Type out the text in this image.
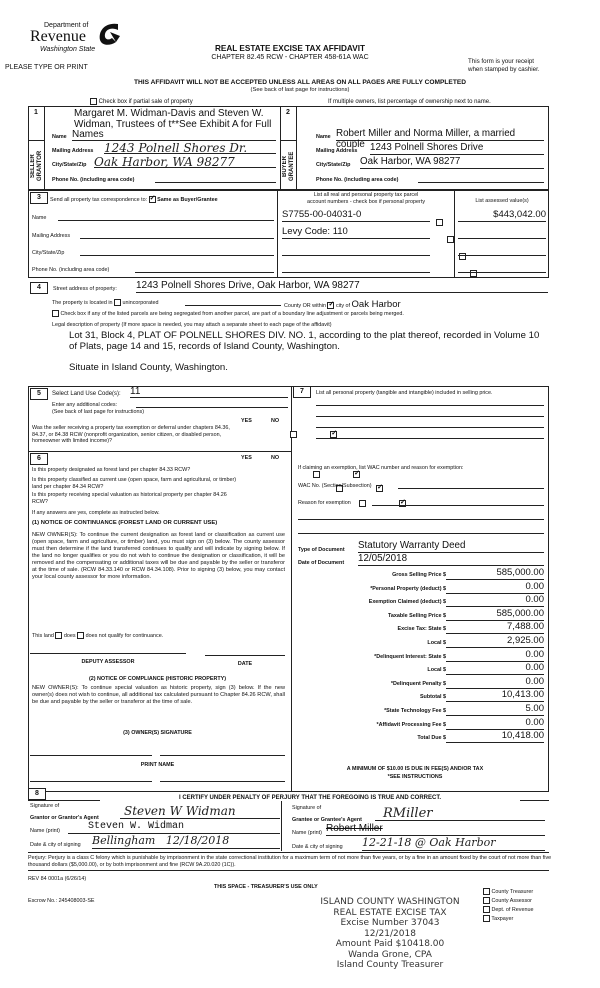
Department of
Revenue
Washington State
PLEASE TYPE OR PRINT
REAL ESTATE EXCISE TAX AFFIDAVIT
CHAPTER 82.45 RCW - CHAPTER 458-61A WAC
This form is your receipt
when stamped by cashier.
THIS AFFIDAVIT WILL NOT BE ACCEPTED UNLESS ALL AREAS ON ALL PAGES ARE FULLY COMPLETED
(See back of last page for instructions)
Check box if partial sale of property	If multiple owners, list percentage of ownership next to name.
1
SELLER
GRANTOR
Margaret M. Widman-Davis and Steven W.
Widman, Trustees of t**See Exhibit A for Full
Name Names
Mailing Address 1243 Polnell Shores Dr.
City/State/Zip Oak Harbor, WA 98277
Phone No. (including area code)
2
BUYER
GRANTEE
Name Robert Miller and Norma Miller, a married couple
Mailing Address 1243 Polnell Shores Drive
City/State/Zip Oak Harbor, WA 98277
Phone No. (including area code)
3	Send all property tax correspondence to: ✓ Same as Buyer/Grantee
Name
Mailing Address
City/State/Zip
Phone No. (including area code)
List all real and personal property tax parcel
account numbers - check box if personal property	List assessed value(s)
S7755-00-04031-0
	$443,042.00
Levy Code: 110

4	Street address of property: 1243 Polnell Shores Drive, Oak Harbor, WA 98277
The property is located in unincorporated
County OR within ✓ city of Oak Harbor
Check box if any of the listed parcels are being segregated from another parcel, are part of a boundary line adjustment or parcels being merged.
Legal description of property (If more space is needed, you may attach a separate sheet to each page of the affidavit)
Lot 31, Block 4, PLAT OF POLNELL SHORES DIV. NO. 1, according to the plat thereof, recorded in Volume 10
of Plats, page 14 and 15, records of Island County, Washington.
Situate in Island County, Washington.
5	Select Land Use Code(s): 11
Enter any additional codes:
(See back of last page for instructions)
YES	NO
Was the seller receiving a property tax exemption or deferral under chapters 84.36, 84.37, or 84.38 RCW (nonprofit organization, senior citizen, or disabled person, homeowner with limited income)?
✓
6	YES	NO
Is this property designated as forest land per chapter 84.33 RCW?
✓
Is this property classified as current use (open space, farm and agricultural, or timber) land per chapter 84.34 RCW?
✓
Is this property receiving special valuation as historical property per chapter 84.26 RCW?
✓
If any answers are yes, complete as instructed below.
(1) NOTICE OF CONTINUANCE (FOREST LAND OR CURRENT USE)
NEW OWNER(S): To continue the current designation as forest land or classification as current use (open space, farm and agriculture, or timber) land, you must sign on (3) below. The county assessor must then determine if the land transferred continues to qualify and will indicate by signing below. If the land no longer qualifies or you do not wish to continue the designation or classification, it will be removed and the compensating or additional taxes will be due and payable by the seller or transferor at the time of sale. (RCW 84.33.140 or RCW 84.34.108). Prior to signing (3) below, you may contact your local county assessor for more information.
This land does does not qualify for continuance.
DEPUTY ASSESSOR	DATE
(2) NOTICE OF COMPLIANCE (HISTORIC PROPERTY)
NEW OWNER(S): To continue special valuation as historic property, sign (3) below. If the new owner(s) does not wish to continue, all additional tax calculated pursuant to Chapter 84.26 RCW, shall be due and payable by the seller or transferor at the time of sale.
(3) OWNER(S) SIGNATURE
PRINT NAME
7	List all personal property (tangible and intangible) included in selling price.
If claiming an exemption, list WAC number and reason for exemption:
WAC No. (Section/Subsection)
Reason for exemption
Type of Document Statutory Warranty Deed
Date of Document 12/05/2018
Gross Selling Price $	585,000.00
*Personal Property (deduct) $	0.00
Exemption Claimed (deduct) $	0.00
Taxable Selling Price $	585,000.00
Excise Tax: State $	7,488.00
Local $	2,925.00
*Delinquent Interest: State $	0.00
Local $	0.00
*Delinquent Penalty $	0.00
Subtotal $	10,413.00
*State Technology Fee $	5.00
*Affidavit Processing Fee $	0.00
Total Due $	10,418.00
A MINIMUM OF $10.00 IS DUE IN FEE(S) AND/OR TAX
*SEE INSTRUCTIONS
8
I CERTIFY UNDER PENALTY OF PERJURY THAT THE FOREGOING IS TRUE AND CORRECT.
Signature of
Grantor or Grantor's Agent	Steven W Widman
Name (print)	Steven W. Widman
Date & city of signing Bellingham   12/18/2018
Signature of
Grantee or Grantee's Agent	RMiller
Name (print) Robert Miller
Date & city of signing 12-21-18 @ Oak Harbor
Perjury: Perjury is a class C felony which is punishable by imprisonment in the state correctional institution for a maximum term of not more than five years, or by a fine in an amount fixed by the court of not more than five thousand dollars ($5,000.00), or by both imprisonment and fine (RCW 9A.20.020 (1C)).
REV 84 0001a (6/26/14)
THIS SPACE - TREASURER'S USE ONLY
Escrow No.: 245408003-SE	ISLAND COUNTY WASHINGTON
REAL ESTATE EXCISE TAX
Excise Number 37043
12/21/2018
Amount Paid $10418.00
Wanda Grone, CPA
Island County Treasurer
County Treasurer
County Assessor
Dept. of Revenue
Taxpayer
